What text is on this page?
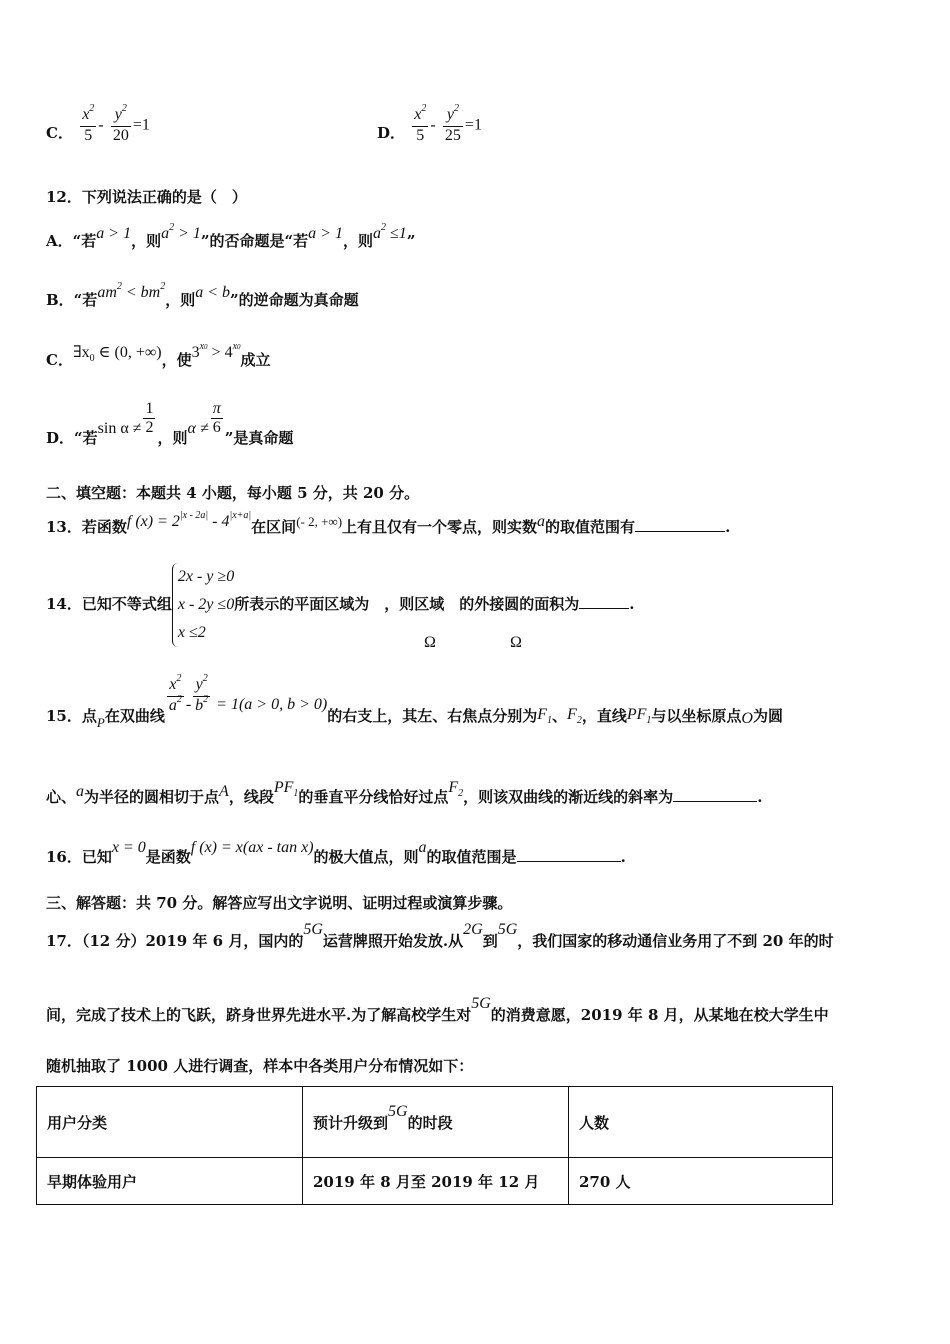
C． $\frac{x^2}{5} - \frac{y^2}{20} =1$	D． $\frac{x^2}{5} - \frac{y^2}{25} =1$
12．下列说法正确的是（　）
A．“若a > 1，则$a^2 > 1$”的否命题是“若a > 1，则$a^2 \le 1$”
B．“若$am^2 < bm^2$，则a < b”的逆命题为真命题
C．$\exists x_0$ ∈ (0, +∞)，使$3^{x0} > 4^{x0}$成立
D．“若$\sin \alpha \ne \frac{1}{2}$
，则$\alpha \ne \frac{\pi}{6}$
”是真命题
二、填空题：本题共 4 小题，每小题 5 分，共 20 分。
13．若函数f $(x) = 2^{|x - 2a|} - 4^{|x+a|}$在区间(- 2, +∞)上有且仅有一个零点，则实数a的取值范围有	.
14．已知不等式组
2x - y ≥0
x - 2y ≤0
x ≤2
所表示的平面区域为　，则区域　的外接圆的面积为	.
Ω	Ω
15．点P在双曲线 $\frac{x^2}{a^2} - \frac{y^2}{b^2} = 1(a > 0$, b > 0)的右支上，其左、右焦点分别为$F_1$、$F_2$，直线$PF_1$与以坐标原点O为圆
心、a为半径的圆相切于点A，线段$PF_1$的垂直平分线恰好过点$F_2$，则该双曲线的渐近线的斜率为	.
16．已知x = 0是函数f (x) = x(ax - tan x)的极大值点，则a的取值范围是	.
三、解答题：共 70 分。解答应写出文字说明、证明过程或演算步骤。
17．（12 分）2019 年 6 月，国内的5G运营牌照开始发放.从2G到5G，我们国家的移动通信业务用了不到 20 年的时
间，完成了技术上的飞跃，跻身世界先进水平.为了解高校学生对5G的消费意愿，2019 年 8 月，从某地在校大学生中
随机抽取了 1000 人进行调查，样本中各类用户分布情况如下：
用户分类	预计升级到5G的时段	人数
早期体验用户	2019 年 8 月至 2019 年 12 月	270 人
